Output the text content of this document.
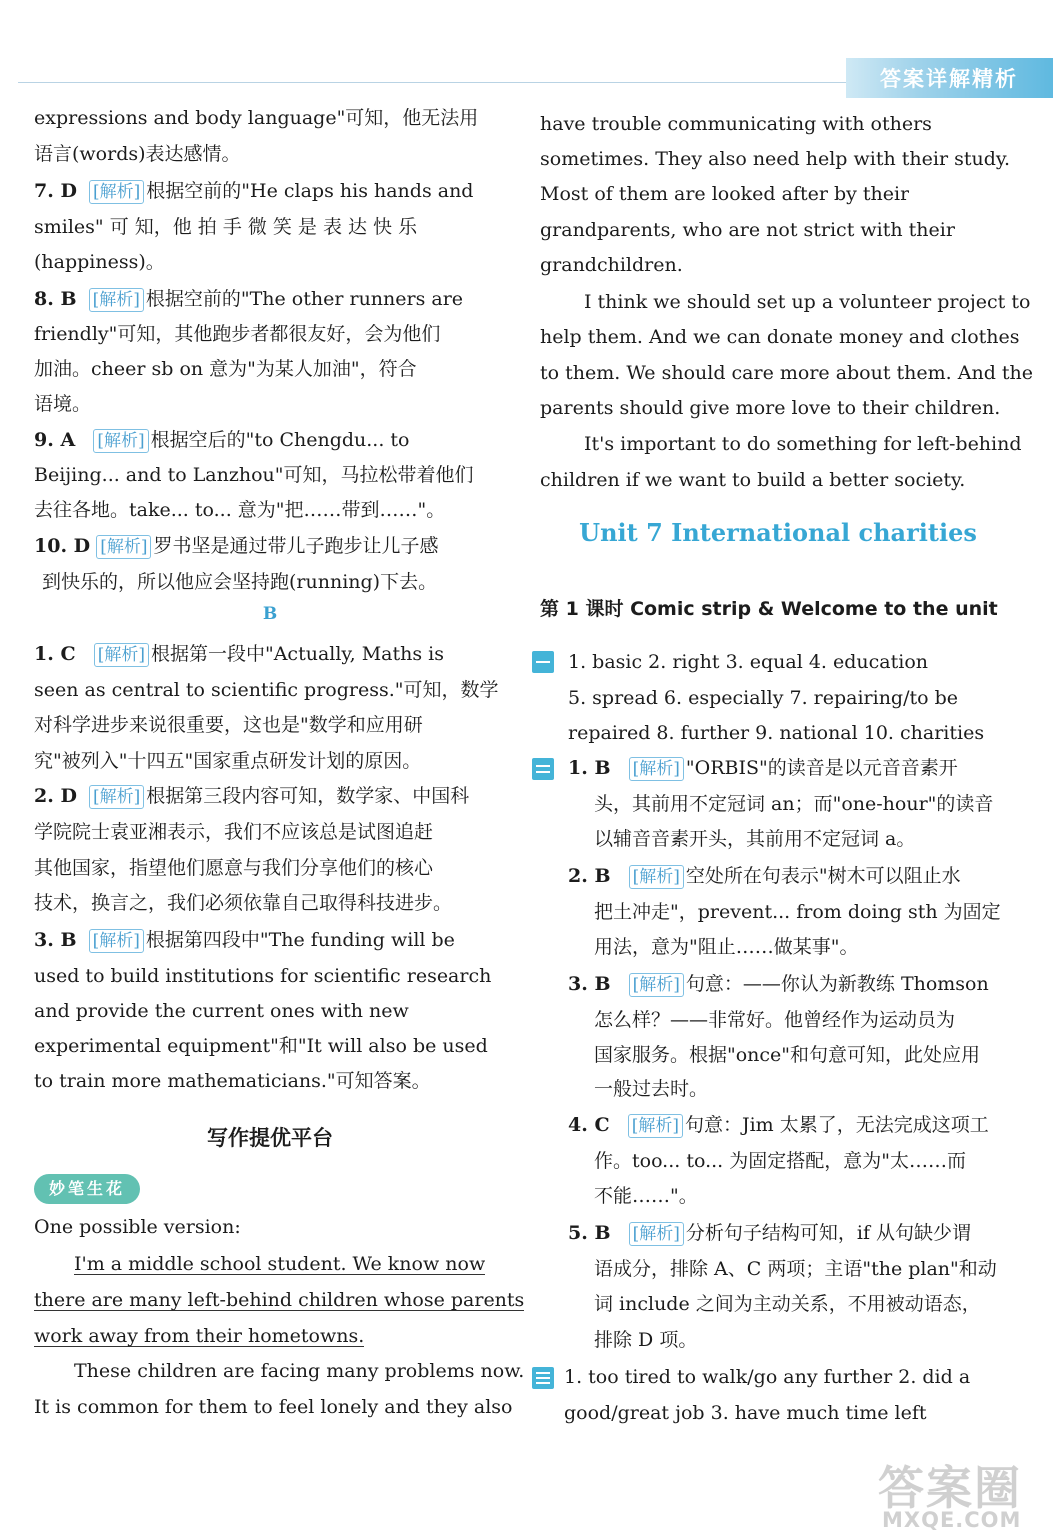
答案详解精析
expressions and body language"可知，他无法用
语言(words)表达感情。
7. D [解析] 根据空前的"He claps his hands and
smiles" 可 知，他 拍 手 微 笑 是 表 达 快 乐
(happiness)。
8. B [解析] 根据空前的"The other runners are
friendly"可知，其他跑步者都很友好，会为他们
加油。cheer sb on 意为"为某人加油"，符合
语境。
9. A [解析] 根据空后的"to Chengdu... to
Beijing... and to Lanzhou"可知，马拉松带着他们
去往各地。take... to... 意为"把……带到……"。
10. D [解析] 罗书坚是通过带儿子跑步让儿子感
到快乐的，所以他应会坚持跑(running)下去。
B
1. C [解析] 根据第一段中"Actually, Maths is
seen as central to scientific progress."可知，数学
对科学进步来说很重要，这也是"数学和应用研
究"被列入"十四五"国家重点研发计划的原因。
2. D [解析] 根据第三段内容可知，数学家、中国科
学院院士袁亚湘表示，我们不应该总是试图追赶
其他国家，指望他们愿意与我们分享他们的核心
技术，换言之，我们必须依靠自己取得科技进步。
3. B [解析] 根据第四段中"The funding will be
used to build institutions for scientific research
and provide the current ones with new
experimental equipment"和"It will also be used
to train more mathematicians."可知答案。
写作提优平台
妙笔生花
One possible version:
I'm a middle school student. We know now
there are many left-behind children whose parents
work away from their hometowns.
These children are facing many problems now.
It is common for them to feel lonely and they also
have trouble communicating with others
sometimes. They also need help with their study.
Most of them are looked after by their
grandparents, who are not strict with their
grandchildren.
I think we should set up a volunteer project to
help them. And we can donate money and clothes
to them. We should care more about them. And the
parents should give more love to their children.
It's important to do something for left-behind
children if we want to build a better society.
Unit 7 International charities
第 1 课时 Comic strip & Welcome to the unit
1. basic 2. right 3. equal 4. education
5. spread 6. especially 7. repairing/to be
repaired 8. further 9. national 10. charities
1. B [解析] "ORBIS"的读音是以元音音素开
头，其前用不定冠词 an；而"one-hour"的读音
以辅音音素开头，其前用不定冠词 a。
2. B [解析] 空处所在句表示"树木可以阻止水
把土冲走"，prevent... from doing sth 为固定
用法，意为"阻止……做某事"。
3. B [解析] 句意：——你认为新教练 Thomson
怎么样？——非常好。他曾经作为运动员为
国家服务。根据"once"和句意可知，此处应用
一般过去时。
4. C [解析] 句意：Jim 太累了，无法完成这项工
作。too... to... 为固定搭配，意为"太……而
不能……"。
5. B [解析] 分析句子结构可知，if 从句缺少谓
语成分，排除 A、C 两项；主语"the plan"和动
词 include 之间为主动关系，不用被动语态，
排除 D 项。
1. too tired to walk/go any further 2. did a
good/great job 3. have much time left
答案圈
MXQE.COM
